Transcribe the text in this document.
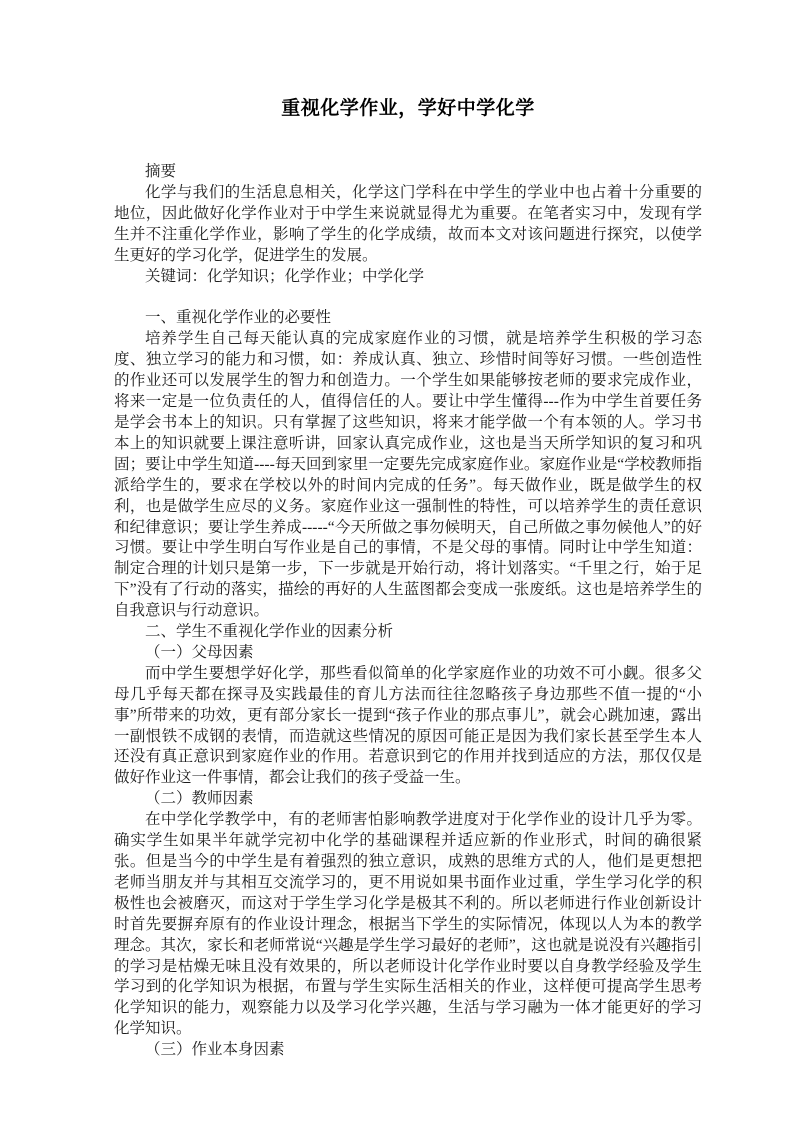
重视化学作业，学好中学化学

摘要

化学与我们的生活息息相关，化学这门学科在中学生的学业中也占着十分重要的地位，因此做好化学作业对于中学生来说就显得尤为重要。在笔者实习中，发现有学生并不注重化学作业，影响了学生的化学成绩，故而本文对该问题进行探究，以使学生更好的学习化学，促进学生的发展。

关键词：化学知识；化学作业；中学化学

一、重视化学作业的必要性

培养学生自己每天能认真的完成家庭作业的习惯，就是培养学生积极的学习态度、独立学习的能力和习惯，如：养成认真、独立、珍惜时间等好习惯。一些创造性的作业还可以发展学生的智力和创造力。一个学生如果能够按老师的要求完成作业，将来一定是一位负责任的人，值得信任的人。要让中学生懂得---作为中学生首要任务是学会书本上的知识。只有掌握了这些知识，将来才能学做一个有本领的人。学习书本上的知识就要上课注意听讲，回家认真完成作业，这也是当天所学知识的复习和巩固；要让中学生知道----每天回到家里一定要先完成家庭作业。家庭作业是“学校教师指派给学生的，要求在学校以外的时间内完成的任务”。每天做作业，既是做学生的权利，也是做学生应尽的义务。家庭作业这一强制性的特性，可以培养学生的责任意识和纪律意识；要让学生养成-----“今天所做之事勿候明天，自己所做之事勿候他人”的好习惯。要让中学生明白写作业是自己的事情，不是父母的事情。同时让中学生知道：制定合理的计划只是第一步，下一步就是开始行动，将计划落实。“千里之行，始于足下”没有了行动的落实，描绘的再好的人生蓝图都会变成一张废纸。这也是培养学生的自我意识与行动意识。

二、学生不重视化学作业的因素分析
（一）父母因素

而中学生要想学好化学，那些看似简单的化学家庭作业的功效不可小觑。很多父母几乎每天都在探寻及实践最佳的育儿方法而往往忽略孩子身边那些不值一提的“小事”所带来的功效，更有部分家长一提到“孩子作业的那点事儿”，就会心跳加速，露出一副恨铁不成钢的表情，而造就这些情况的原因可能正是因为我们家长甚至学生本人还没有真正意识到家庭作业的作用。若意识到它的作用并找到适应的方法，那仅仅是做好作业这一件事情，都会让我们的孩子受益一生。

（二）教师因素

在中学化学教学中，有的老师害怕影响教学进度对于化学作业的设计几乎为零。确实学生如果半年就学完初中化学的基础课程并适应新的作业形式，时间的确很紧张。但是当今的中学生是有着强烈的独立意识，成熟的思维方式的人，他们是更想把老师当朋友并与其相互交流学习的，更不用说如果书面作业过重，学生学习化学的积极性也会被磨灭，而这对于学生学习化学是极其不利的。所以老师进行作业创新设计时首先要摒弃原有的作业设计理念，根据当下学生的实际情况，体现以人为本的教学理念。其次，家长和老师常说“兴趣是学生学习最好的老师”，这也就是说没有兴趣指引的学习是枯燥无味且没有效果的，所以老师设计化学作业时要以自身教学经验及学生学习到的化学知识为根据，布置与学生实际生活相关的作业，这样便可提高学生思考化学知识的能力，观察能力以及学习化学兴趣，生活与学习融为一体才能更好的学习化学知识。

（三）作业本身因素
